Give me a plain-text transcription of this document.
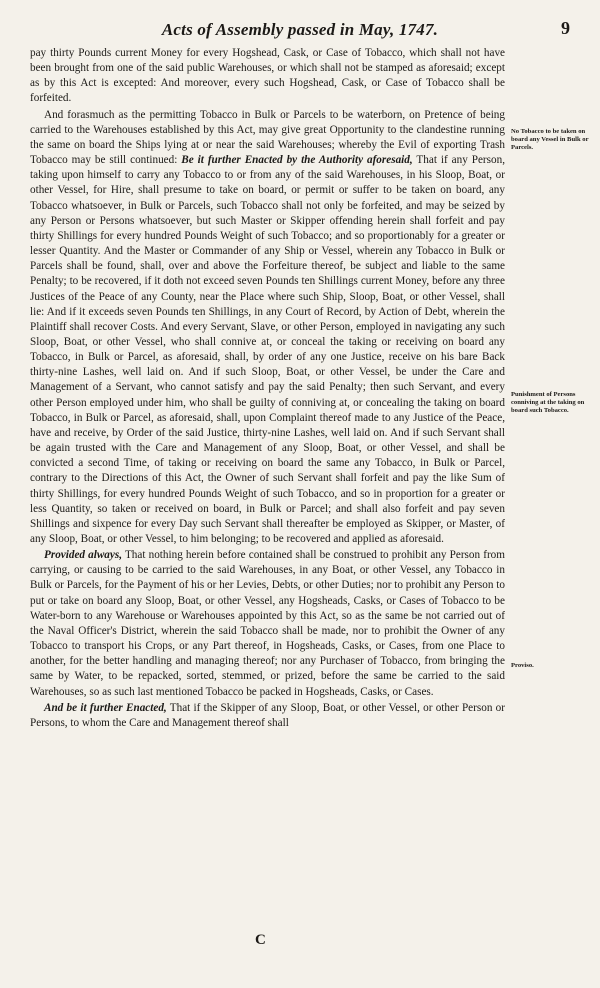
Acts of Assembly passed in May, 1747.	9

pay thirty Pounds current Money for every Hogshead, Cask, or Case of Tobacco, which shall not have been brought from one of the said public Warehouses, or which shall not be stamped as aforesaid; except as by this Act is excepted: And moreover, every such Hogshead, Cask, or Case of Tobacco shall be forfeited.

And forasmuch as the permitting Tobacco in Bulk or Parcels to be waterborn, on Pretence of being carried to the Warehouses established by this Act, may give great Opportunity to the clandestine running the same on board the Ships lying at or near the said Warehouses; whereby the Evil of exporting Trash Tobacco may be still continued: Be it further Enacted by the Authority aforesaid, That if any Person, taking upon himself to carry any Tobacco to or from any of the said Warehouses, in his Sloop, Boat, or other Vessel, for Hire, shall presume to take on board, or permit or suffer to be taken on board, any Tobacco whatsoever, in Bulk or Parcels, such Tobacco shall not only be forfeited, and may be seized by any Person or Persons whatsoever, but such Master or Skipper offending herein shall forfeit and pay thirty Shillings for every hundred Pounds Weight of such Tobacco; and so proportionably for a greater or lesser Quantity. And the Master or Commander of any Ship or Vessel, wherein any Tobacco in Bulk or Parcels shall be found, shall, over and above the Forfeiture thereof, be subject and liable to the same Penalty; to be recovered, if it doth not exceed seven Pounds ten Shillings current Money, before any three Justices of the Peace of any County, near the Place where such Ship, Sloop, Boat, or other Vessel, shall lie: And if it exceeds seven Pounds ten Shillings, in any Court of Record, by Action of Debt, wherein the Plaintiff shall recover Costs. And every Servant, Slave, or other Person, employed in navigating any such Sloop, Boat, or other Vessel, who shall connive at, or conceal the taking or receiving on board any Tobacco, in Bulk or Parcel, as aforesaid, shall, by order of any one Justice, receive on his bare Back thirty-nine Lashes, well laid on. And if such Sloop, Boat, or other Vessel, be under the Care and Management of a Servant, who cannot satisfy and pay the said Penalty; then such Servant, and every other Person employed under him, who shall be guilty of conniving at, or concealing the taking on board Tobacco, in Bulk or Parcel, as aforesaid, shall, upon Complaint thereof made to any Justice of the Peace, have and receive, by Order of the said Justice, thirty-nine Lashes, well laid on. And if such Servant shall be again trusted with the Care and Management of any Sloop, Boat, or other Vessel, and shall be convicted a second Time, of taking or receiving on board the same any Tobacco, in Bulk or Parcel, contrary to the Directions of this Act, the Owner of such Servant shall forfeit and pay the like Sum of thirty Shillings, for every hundred Pounds Weight of such Tobacco, and so in proportion for a greater or less Quantity, so taken or received on board, in Bulk or Parcel; and shall also forfeit and pay seven Shillings and sixpence for every Day such Servant shall thereafter be employed as Skipper, or Master, of any Sloop, Boat, or other Vessel, to him belonging; to be recovered and applied as aforesaid.

Provided always, That nothing herein before contained shall be construed to prohibit any Person from carrying, or causing to be carried to the said Warehouses, in any Boat, or other Vessel, any Tobacco in Bulk or Parcels, for the Payment of his or her Levies, Debts, or other Duties; nor to prohibit any Person to put or take on board any Sloop, Boat, or other Vessel, any Hogsheads, Casks, or Cases of Tobacco to be Water-born to any Warehouse or Warehouses appointed by this Act, so as the same be not carried out of the Naval Officer's District, wherein the said Tobacco shall be made, nor to prohibit the Owner of any Tobacco to transport his Crops, or any Part thereof, in Hogsheads, Casks, or Cases, from one Place to another, for the better handling and managing thereof; nor any Purchaser of Tobacco, from bringing the same by Water, to be repacked, sorted, stemmed, or prized, before the same be carried to the said Warehouses, so as such last mentioned Tobacco be packed in Hogsheads, Casks, or Cases.

And be it further Enacted, That if the Skipper of any Sloop, Boat, or other Vessel, or other Person or Persons, to whom the Care and Management thereof shall

No Tobacco to be taken on board any Vessel in Bulk or Parcels.
Punishment of Persons conniving at the taking on board such Tobacco.
Proviso.
C
